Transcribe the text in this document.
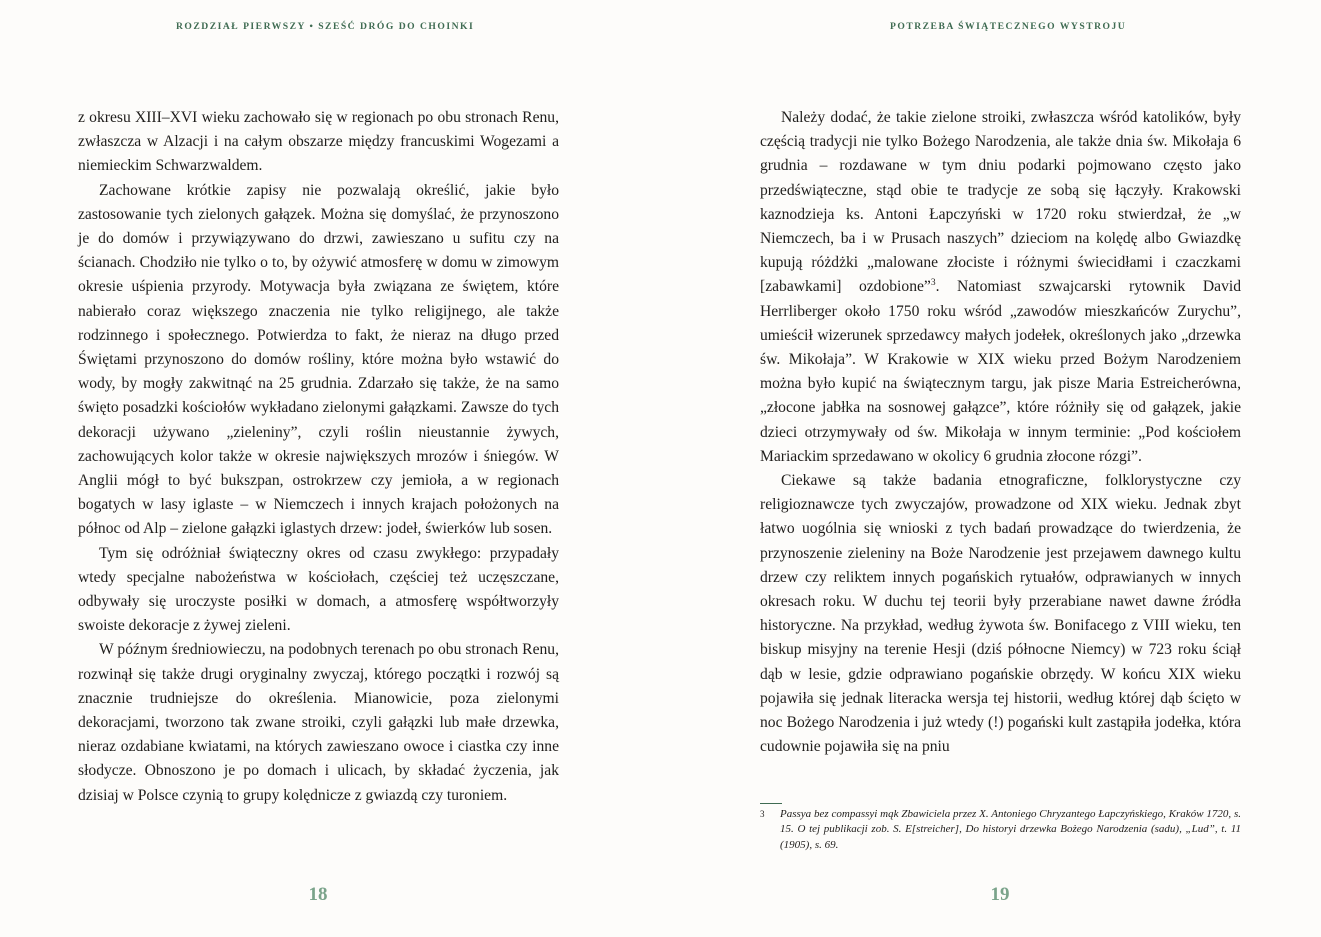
ROZDZIAŁ PIERWSZY • SZEŚĆ DRÓG DO CHOINKI

z okresu XIII–XVI wieku zachowało się w regionach po obu stronach Renu, zwłaszcza w Alzacji i na całym obszarze między francuskimi Wogezami a niemieckim Schwarzwaldem.

Zachowane krótkie zapisy nie pozwalają określić, jakie było zastosowanie tych zielonych gałązek. Można się domyślać, że przynoszono je do domów i przywiązywano do drzwi, zawieszano u sufitu czy na ścianach. Chodziło nie tylko o to, by ożywić atmosferę w domu w zimowym okresie uśpienia przyrody. Motywacja była związana ze świętem, które nabierało coraz większego znaczenia nie tylko religijnego, ale także rodzinnego i społecznego. Potwierdza to fakt, że nieraz na długo przed Świętami przynoszono do domów rośliny, które można było wstawić do wody, by mogły zakwitnąć na 25 grudnia. Zdarzało się także, że na samo święto posadzki kościołów wykładano zielonymi gałązkami. Zawsze do tych dekoracji używano „zieleniny”, czyli roślin nieustannie żywych, zachowujących kolor także w okresie największych mrozów i śniegów. W Anglii mógł to być bukszpan, ostrokrzew czy jemioła, a w regionach bogatych w lasy iglaste – w Niemczech i innych krajach położonych na północ od Alp – zielone gałązki iglastych drzew: jodeł, świerków lub sosen.

Tym się odróżniał świąteczny okres od czasu zwykłego: przypadały wtedy specjalne nabożeństwa w kościołach, częściej też uczęszczane, odbywały się uroczyste posiłki w domach, a atmosferę współtworzyły swoiste dekoracje z żywej zieleni.

W późnym średniowieczu, na podobnych terenach po obu stronach Renu, rozwinął się także drugi oryginalny zwyczaj, którego początki i rozwój są znacznie trudniejsze do określenia. Mianowicie, poza zielonymi dekoracjami, tworzono tak zwane stroiki, czyli gałązki lub małe drzewka, nieraz ozdabiane kwiatami, na których zawieszano owoce i ciastka czy inne słodycze. Obnoszono je po domach i ulicach, by składać życzenia, jak dzisiaj w Polsce czynią to grupy kolędnicze z gwiazdą czy turoniem.

18
POTRZEBA ŚWIĄTECZNEGO WYSTROJU

Należy dodać, że takie zielone stroiki, zwłaszcza wśród katolików, były częścią tradycji nie tylko Bożego Narodzenia, ale także dnia św. Mikołaja 6 grudnia – rozdawane w tym dniu podarki pojmowano często jako przedświąteczne, stąd obie te tradycje ze sobą się łączyły. Krakowski kaznodzieja ks. Antoni Łapczyński w 1720 roku stwierdzał, że „w Niemczech, ba i w Prusach naszych” dzieciom na kolędę albo Gwiazdkę kupują różdżki „malowane złociste i różnymi świecidłami i czaczkami [zabawkami] ozdobione”$^3$. Natomiast szwajcarski rytownik David Herrliberger około 1750 roku wśród „zawodów mieszkańców Zurychu”, umieścił wizerunek sprzedawcy małych jodełek, określonych jako „drzewka św. Mikołaja”. W Krakowie w XIX wieku przed Bożym Narodzeniem można było kupić na świątecznym targu, jak pisze Maria Estreicherówna, „złocone jabłka na sosnowej gałązce”, które różniły się od gałązek, jakie dzieci otrzymywały od św. Mikołaja w innym terminie: „Pod kościołem Mariackim sprzedawano w okolicy 6 grudnia złocone rózgi”.

Ciekawe są także badania etnograficzne, folklorystyczne czy religioznawcze tych zwyczajów, prowadzone od XIX wieku. Jednak zbyt łatwo uogólnia się wnioski z tych badań prowadzące do twierdzenia, że przynoszenie zieleniny na Boże Narodzenie jest przejawem dawnego kultu drzew czy reliktem innych pogańskich rytuałów, odprawianych w innych okresach roku. W duchu tej teorii były przerabiane nawet dawne źródła historyczne. Na przykład, według żywota św. Bonifacego z VIII wieku, ten biskup misyjny na terenie Hesji (dziś północne Niemcy) w 723 roku ściął dąb w lesie, gdzie odprawiano pogańskie obrzędy. W końcu XIX wieku pojawiła się jednak literacka wersja tej historii, według której dąb ścięto w noc Bożego Narodzenia i już wtedy (!) pogański kult zastąpiła jodełka, która cudownie pojawiła się na pniu

3	Passya bez compassyi mąk Zbawiciela przez X. Antoniego Chryzantego Łapczyńskiego, Kraków 1720, s. 15. O tej publikacji zob. S. E[streicher], Do historyi drzewka Bożego Narodzenia (sadu), „Lud”, t. 11 (1905), s. 69.
19
